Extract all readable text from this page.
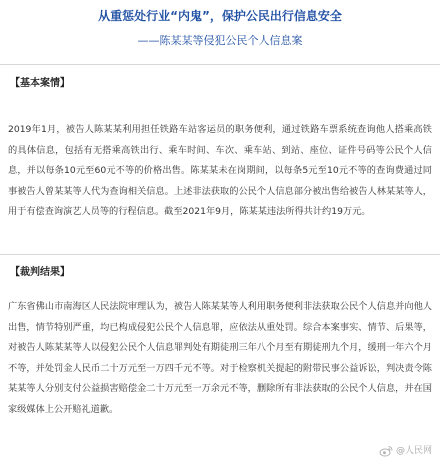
从重惩处行业“内鬼”，保护公民出行信息安全
——陈某某等侵犯公民个人信息案
【基本案情】

2019年1月，被告人陈某某利用担任铁路车站客运员的职务便利，通过铁路车票系统查询他人搭乘高铁的具体信息，包括有无搭乘高铁出行、乘车时间、车次、乘车站、到站、座位、证件号码等公民个人信息，并以每条10元至60元不等的价格出售。陈某某未在岗期间，以每条5元至10元不等的查询费通过同事被告人曾某某等人代为查询相关信息。上述非法获取的公民个人信息部分被出售给被告人林某某等人，用于有偿查询演艺人员等的行程信息。截至2021年9月，陈某某违法所得共计约19万元。

【裁判结果】

广东省佛山市南海区人民法院审理认为，被告人陈某某等人利用职务便利非法获取公民个人信息并向他人出售，情节特别严重，均已构成侵犯公民个人信息罪，应依法从重处罚。综合本案事实、情节、后果等，对被告人陈某某等人以侵犯公民个人信息罪判处有期徒刑三年八个月至有期徒刑九个月，缓刑一年六个月不等，并处罚金人民币二十万元至一万四千元不等。对于检察机关提起的附带民事公益诉讼，判决责令陈某某等人分别支付公益损害赔偿金二十万元至一万余元不等，删除所有非法获取的公民个人信息，并在国家级媒体上公开赔礼道歉。

@人民网
